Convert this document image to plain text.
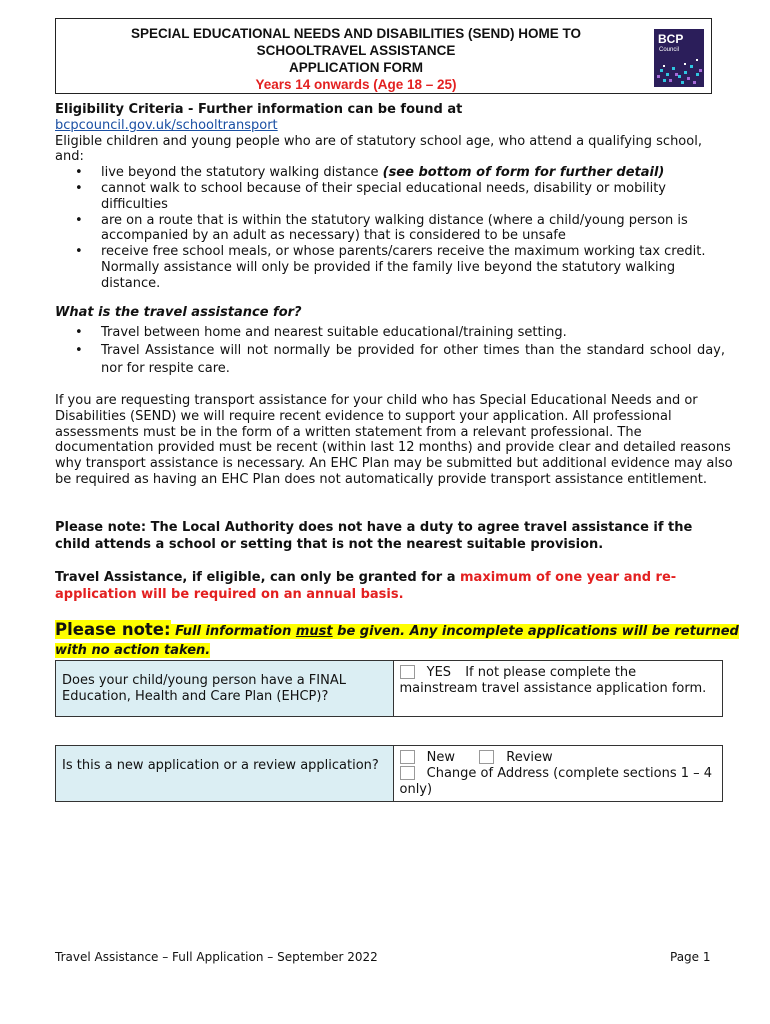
SPECIAL EDUCATIONAL NEEDS AND DISABILITIES (SEND) HOME TO
SCHOOLTRAVEL ASSISTANCE
APPLICATION FORM
Years 14 onwards (Age 18 – 25)
BCP
Council
Eligibility Criteria - Further information can be found at
bcpcouncil.gov.uk/schooltransport
Eligible children and young people who are of statutory school age, who attend a qualifying school, and:
• live beyond the statutory walking distance (see bottom of form for further detail)
• cannot walk to school because of their special educational needs, disability or mobility difficulties
• are on a route that is within the statutory walking distance (where a child/young person is accompanied by an adult as necessary) that is considered to be unsafe
• receive free school meals, or whose parents/carers receive the maximum working tax credit. Normally assistance will only be provided if the family live beyond the statutory walking distance.
What is the travel assistance for?
• Travel between home and nearest suitable educational/training setting.
• Travel Assistance will not normally be provided for other times than the standard school day, nor for respite care.
If you are requesting transport assistance for your child who has Special Educational Needs and or Disabilities (SEND) we will require recent evidence to support your application. All professional assessments must be in the form of a written statement from a relevant professional. The documentation provided must be recent (within last 12 months) and provide clear and detailed reasons why transport assistance is necessary. An EHC Plan may be submitted but additional evidence may also be required as having an EHC Plan does not automatically provide transport assistance entitlement.
Please note: The Local Authority does not have a duty to agree travel assistance if the child attends a school or setting that is not the nearest suitable provision.
Travel Assistance, if eligible, can only be granted for a maximum of one year and re-application will be required on an annual basis.
Please note: Full information must be given. Any incomplete applications will be returned with no action taken.
Does your child/young person have a FINAL Education, Health and Care Plan (EHCP)?	YES If not please complete the mainstream travel assistance application form.
Is this a new application or a review application?	New	Review
Change of Address (complete sections 1 – 4 only)
Travel Assistance – Full Application – September 2022	Page 1
